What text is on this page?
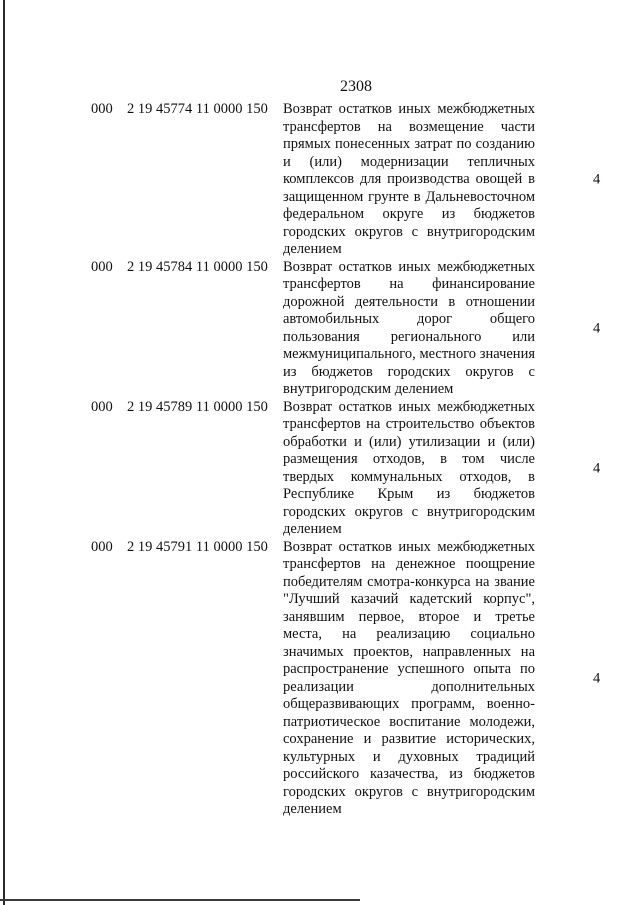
2308
000 2 19 45774 11 0000 150 Возврат остатков иных межбюджетных трансфертов на возмещение части прямых понесенных затрат по созданию и (или) модернизации тепличных комплексов для производства овощей в защищенном грунте в Дальневосточном федеральном округе из бюджетов городских округов с внутригородским делением
4
000 2 19 45784 11 0000 150 Возврат остатков иных межбюджетных трансфертов на финансирование дорожной деятельности в отношении автомобильных дорог общего пользования регионального или межмуниципального, местного значения из бюджетов городских округов с внутригородским делением
4
000 2 19 45789 11 0000 150 Возврат остатков иных межбюджетных трансфертов на строительство объектов обработки и (или) утилизации и (или) размещения отходов, в том числе твердых коммунальных отходов, в Республике Крым из бюджетов городских округов с внутригородским делением
4
000 2 19 45791 11 0000 150 Возврат остатков иных межбюджетных трансфертов на денежное поощрение победителям смотра-конкурса на звание "Лучший казачий кадетский корпус", занявшим первое, второе и третье места, на реализацию социально значимых проектов, направленных на распространение успешного опыта по реализации дополнительных общеразвивающих программ, военно-патриотическое воспитание молодежи, сохранение и развитие исторических, культурных и духовных традиций российского казачества, из бюджетов городских округов с внутригородским делением
4
